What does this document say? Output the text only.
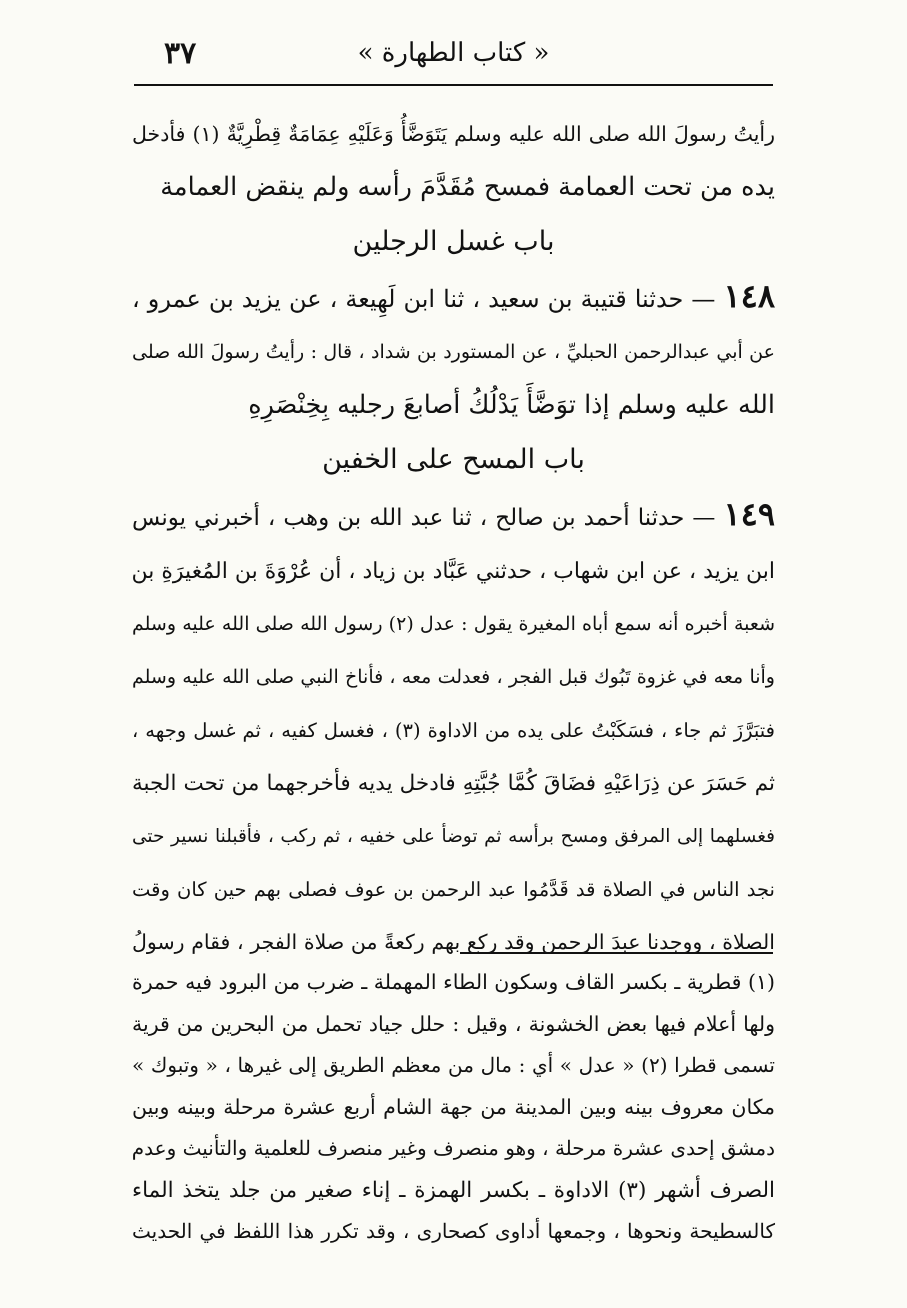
٣٧	« كتاب الطهارة »
رأيتُ رسولَ الله صلى الله عليه وسلم يَتَوَضَّأُ وَعَلَيْهِ عِمَامَةٌ قِطْرِيَّةٌ (١) فأدخل
يده من تحت العمامة فمسح مُقَدَّمَ رأسه ولم ينقض العمامة
باب غسل الرجلين
١٤٨ — حدثنا قتيبة بن سعيد ، ثنا ابن لَهِيعة ، عن يزيد بن عمرو ،
عن أبي عبدالرحمن الحبليِّ ، عن المستورد بن شداد ، قال : رأيتُ رسولَ الله صلى
الله عليه وسلم إذا توَضَّأَ يَدْلُكُ أصابعَ رجليه بِخِنْصَرِهِ
باب المسح على الخفين
١٤٩ — حدثنا أحمد بن صالح ، ثنا عبد الله بن وهب ، أخبرني يونس
ابن يزيد ، عن ابن شهاب ، حدثني عَبَّاد بن زياد ، أن عُرْوَةَ بن المُغيرَةِ بن
شعبة أخبره أنه سمع أباه المغيرة يقول : عدل (٢) رسول الله صلى الله عليه وسلم
وأنا معه في غزوة تَبُوك قبل الفجر ، فعدلت معه ، فأناخ النبي صلى الله عليه وسلم
فتبَرَّزَ ثم جاء ، فسَكَبْتُ على يده من الاداوة (٣) ، فغسل كفيه ، ثم غسل وجهه ،
ثم حَسَرَ عن ذِرَاعَيْهِ فضَاقَ كُمَّا جُبَّتِهِ فادخل يديه فأخرجهما من تحت الجبة
فغسلهما إلى المرفق ومسح برأسه ثم توضأ على خفيه ، ثم ركب ، فأقبلنا نسير حتى
نجد الناس في الصلاة قد قَدَّمُوا عبد الرحمن بن عوف فصلى بهم حين كان وقت
الصلاة ، ووجدنا عبدَ الرحمن وقد ركع بهم ركعةً من صلاة الفجر ، فقام رسولُ
(١) قطرية ـ بكسر القاف وسكون الطاء المهملة ـ ضرب من البرود فيه حمرة
ولها أعلام فيها بعض الخشونة ، وقيل : حلل جياد تحمل من البحرين من قرية
تسمى قطرا (٢) « عدل » أي : مال من معظم الطريق إلى غيرها ، « وتبوك »
مكان معروف بينه وبين المدينة من جهة الشام أربع عشرة مرحلة وبينه وبين
دمشق إحدى عشرة مرحلة ، وهو منصرف وغير منصرف للعلمية والتأنيث وعدم
الصرف أشهر (٣) الاداوة ـ بكسر الهمزة ـ إناء صغير من جلد يتخذ الماء
كالسطيحة ونحوها ، وجمعها أداوى كصحارى ، وقد تكرر هذا اللفظ في الحديث
